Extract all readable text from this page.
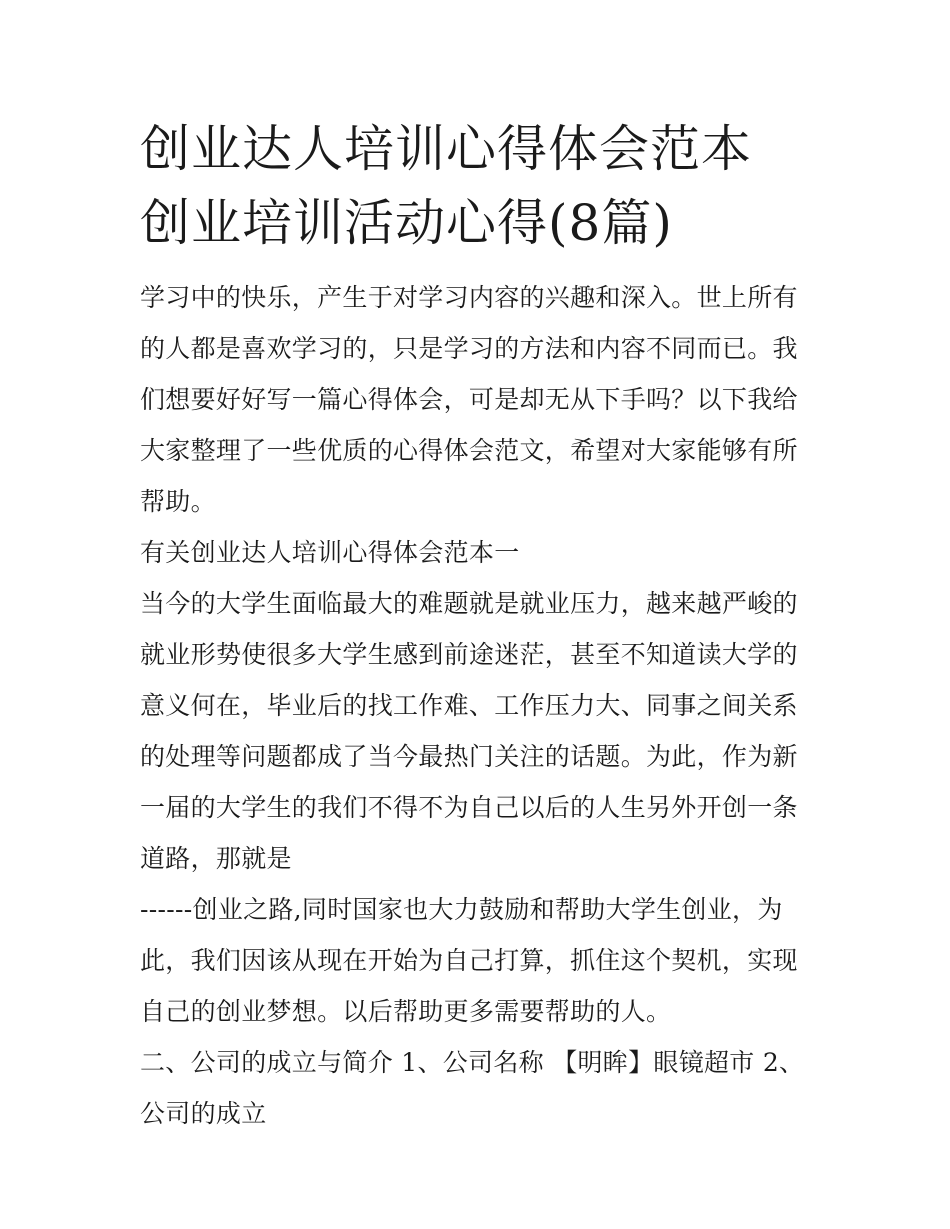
创业达人培训心得体会范本 创业培训活动心得(8篇)

学习中的快乐，产生于对学习内容的兴趣和深入。世上所有的人都是喜欢学习的，只是学习的方法和内容不同而已。我们想要好好写一篇心得体会，可是却无从下手吗？以下我给大家整理了一些优质的心得体会范文，希望对大家能够有所帮助。

有关创业达人培训心得体会范本一

当今的大学生面临最大的难题就是就业压力，越来越严峻的就业形势使很多大学生感到前途迷茫，甚至不知道读大学的意义何在，毕业后的找工作难、工作压力大、同事之间关系的处理等问题都成了当今最热门关注的话题。为此，作为新一届的大学生的我们不得不为自己以后的人生另外开创一条道路，那就是

------创业之路,同时国家也大力鼓励和帮助大学生创业，为

此，我们因该从现在开始为自己打算，抓住这个契机，实现自己的创业梦想。以后帮助更多需要帮助的人。

二、公司的成立与简介 1、公司名称 【明眸】眼镜超市 2、公司的成立
